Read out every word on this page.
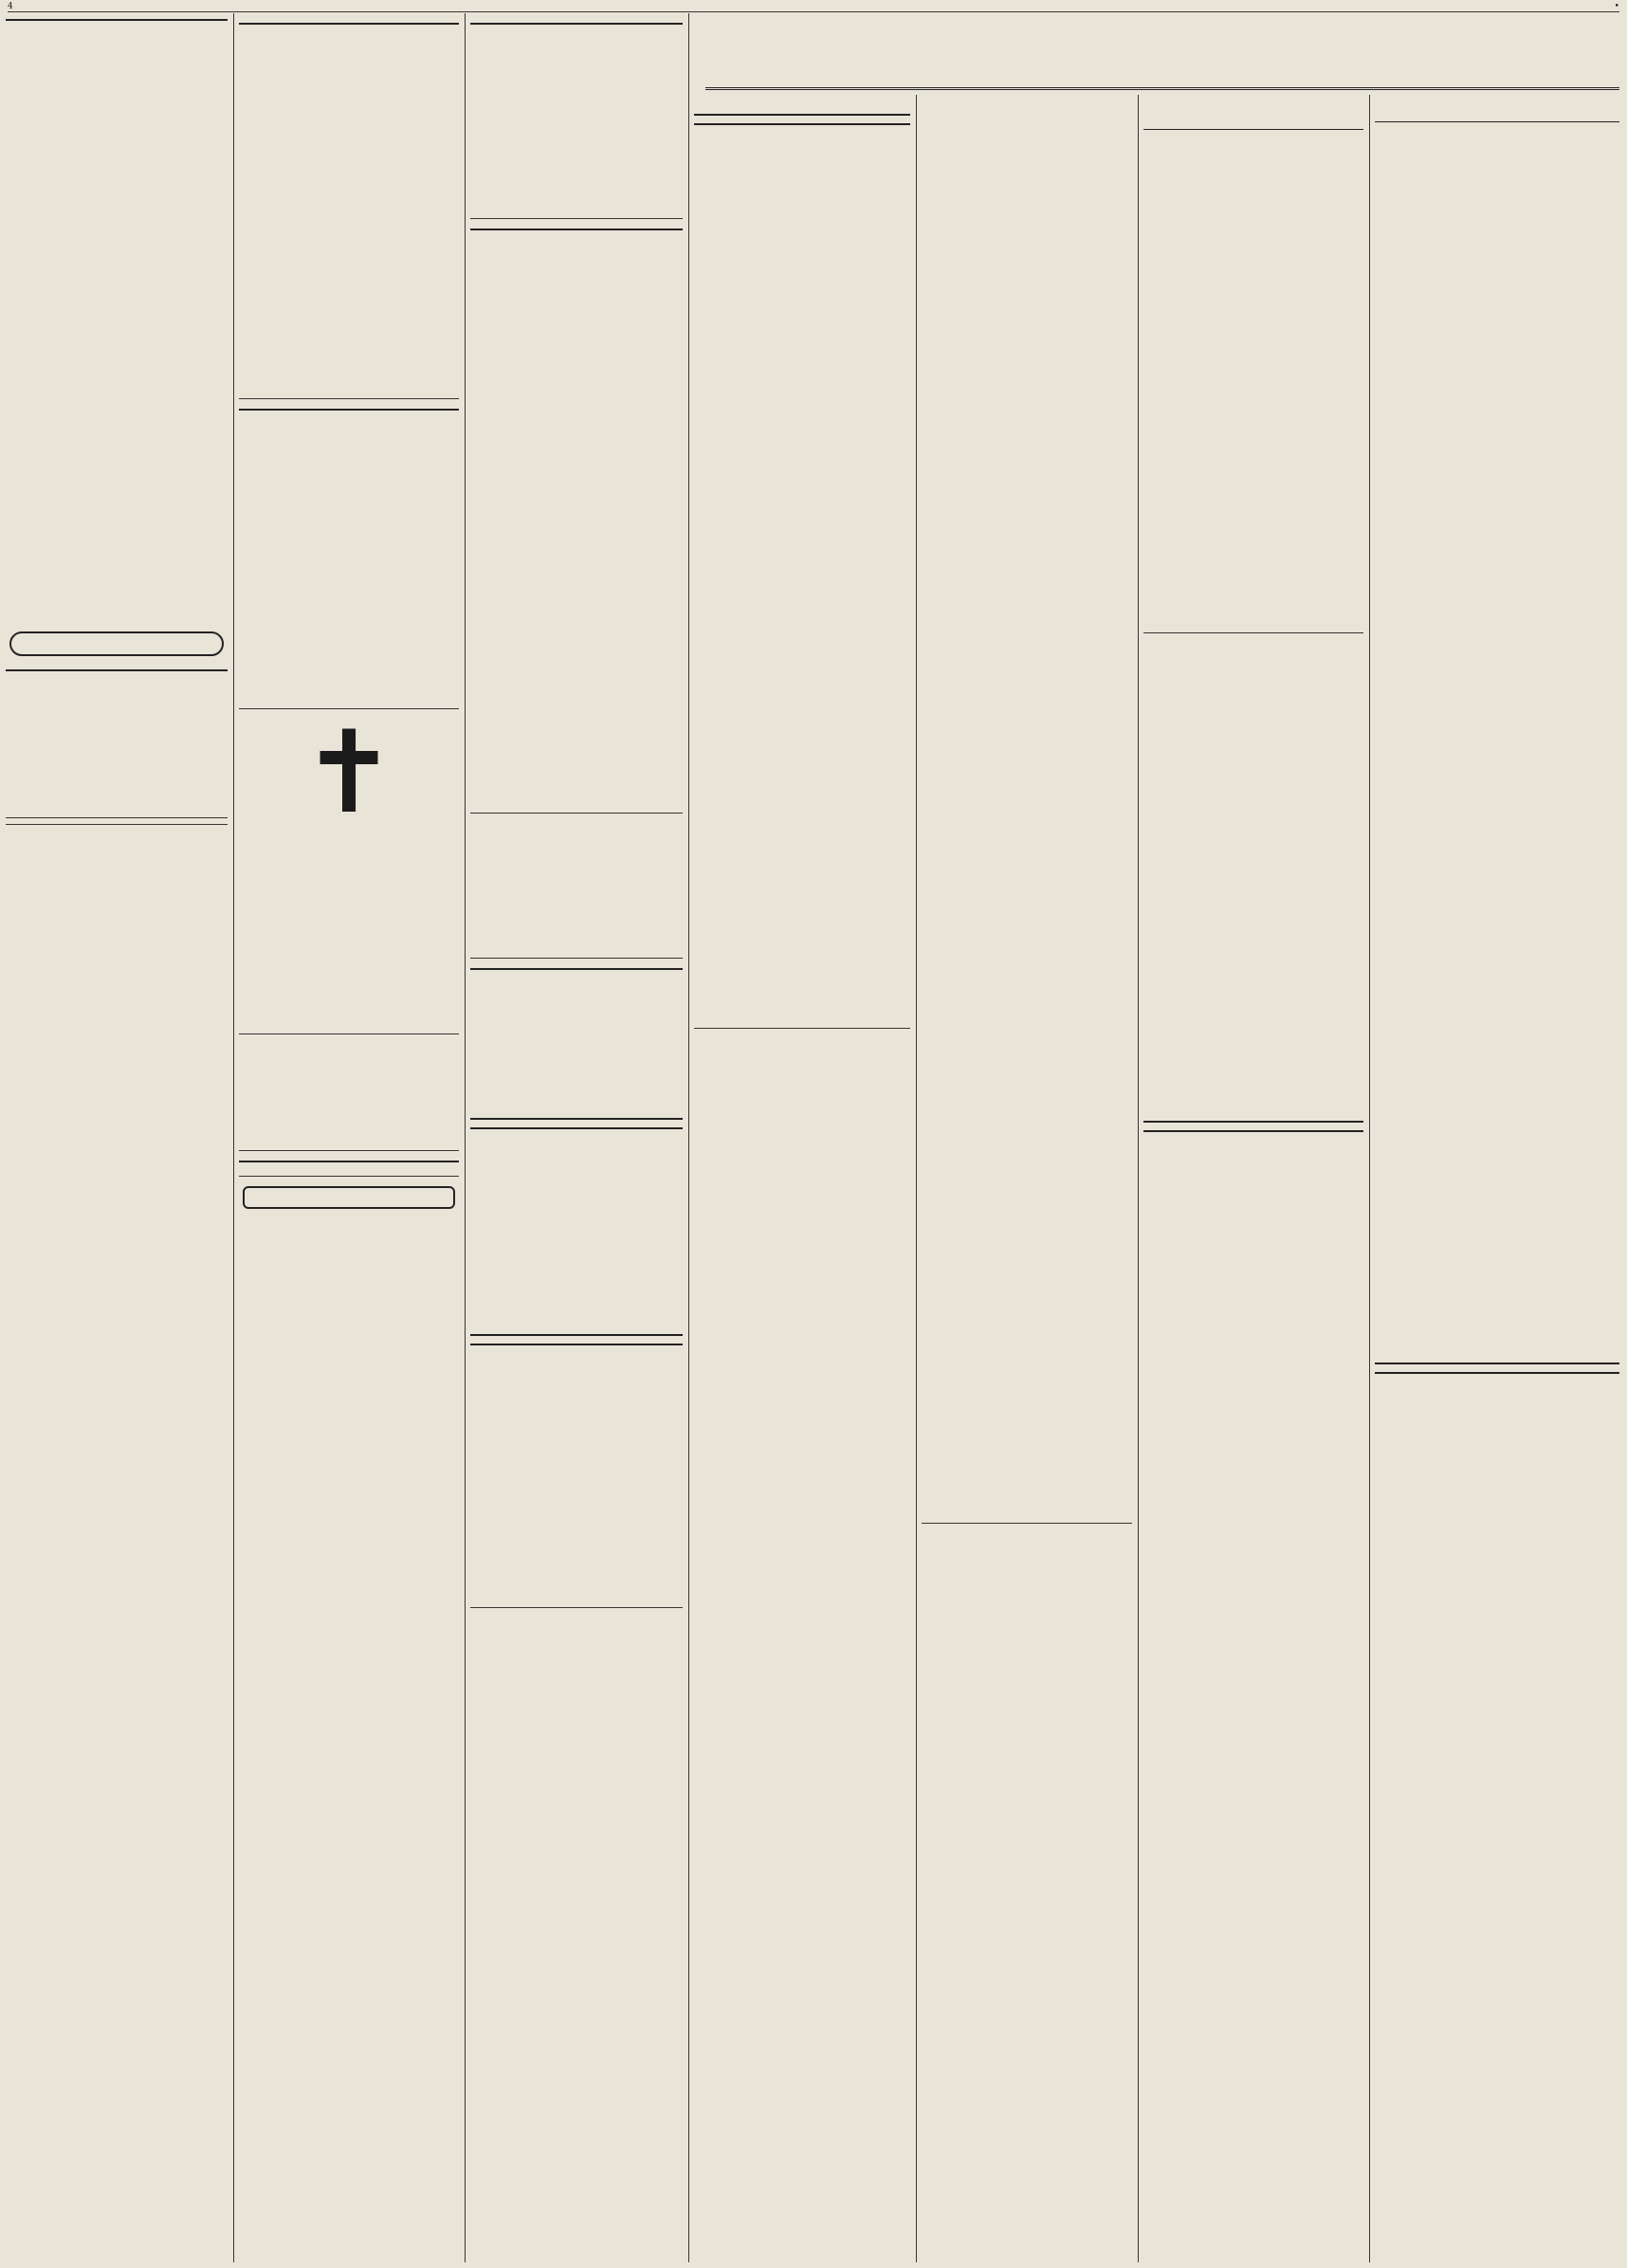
4	•

✝
